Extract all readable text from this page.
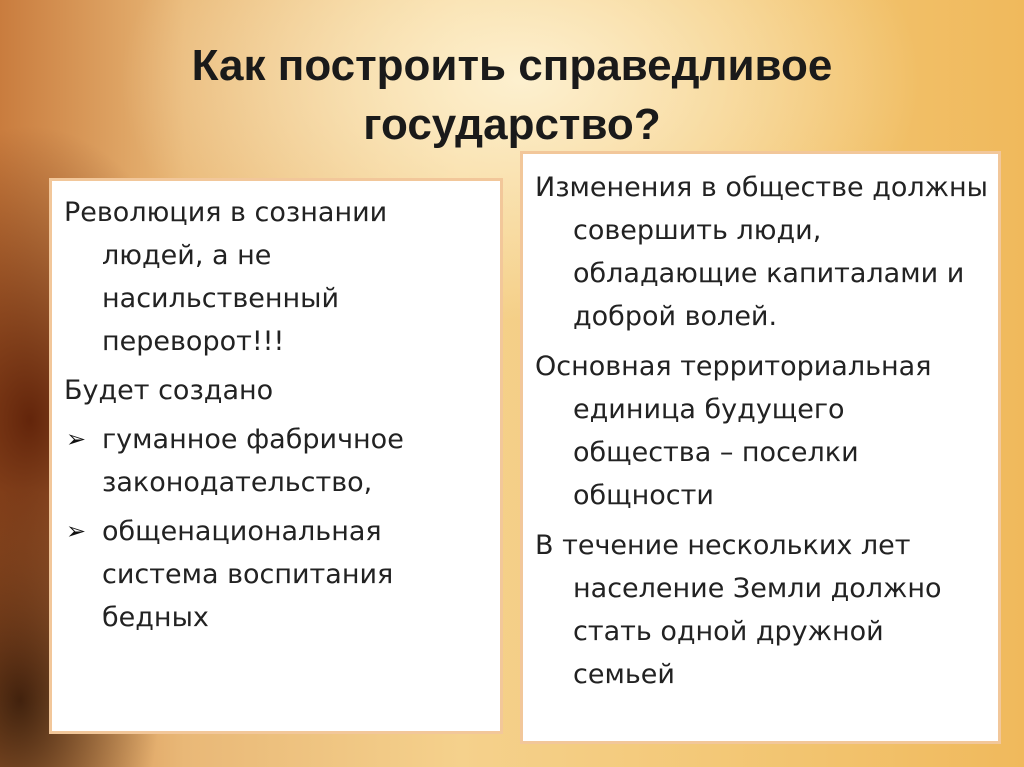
Как построить справедливое
государство?
Революция в сознании людей, а не насильственный переворот!!!
Будет создано
➢ гуманное фабричное законодательство,
➢ общенациональная система воспитания бедных
Изменения в обществе должны совершить люди, обладающие капиталами и доброй волей.
Основная территориальная единица будущего общества – поселки общности
В течение нескольких лет население Земли должно стать одной дружной семьей
